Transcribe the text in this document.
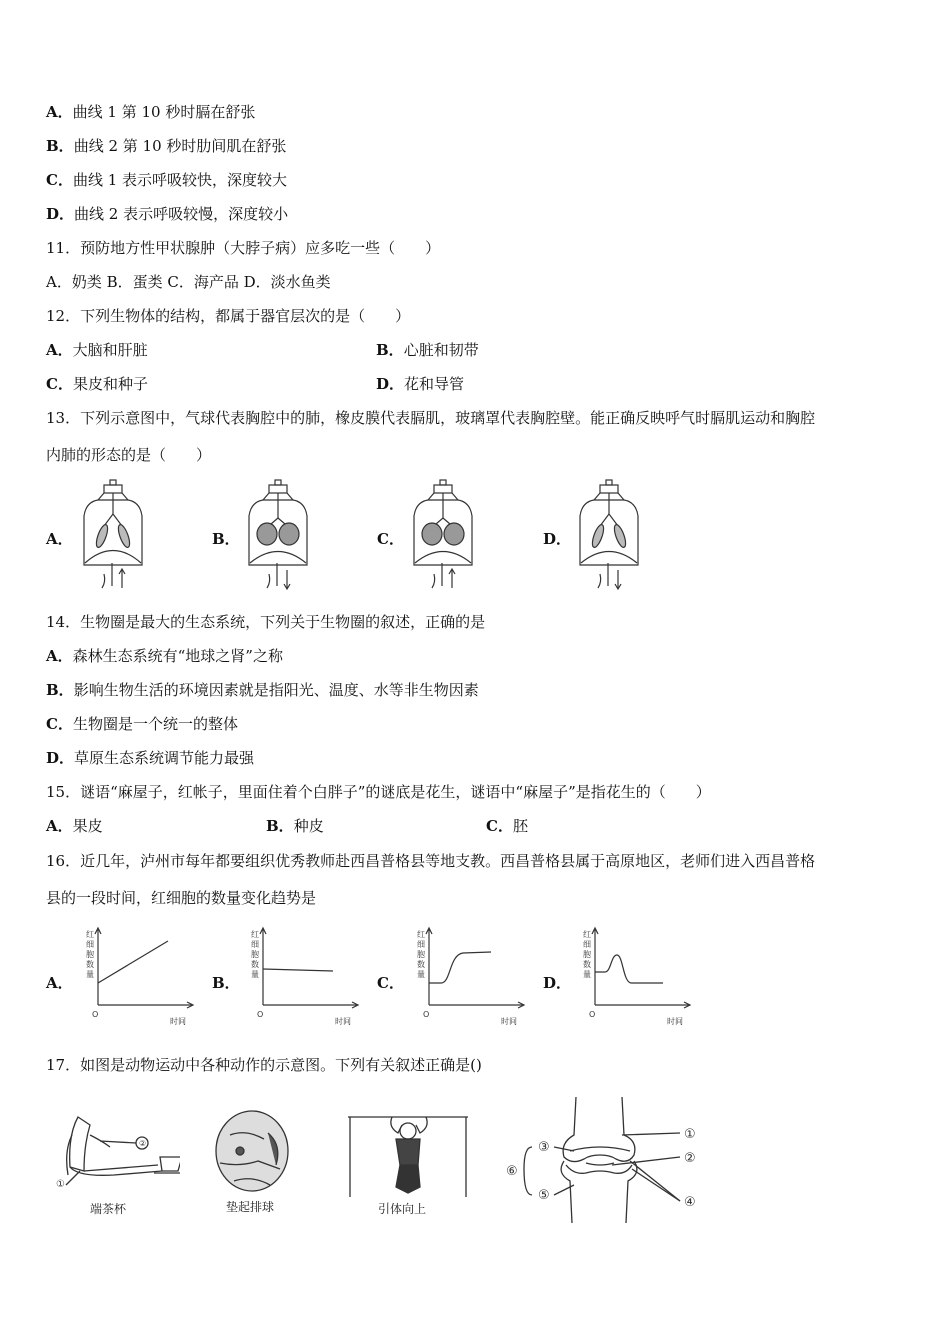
A．曲线 1 第 10 秒时膈在舒张
B．曲线 2 第 10 秒时肋间肌在舒张
C．曲线 1 表示呼吸较快，深度较大
D．曲线 2 表示呼吸较慢，深度较小
11．预防地方性甲状腺肿（大脖子病）应多吃一些（　　）
A．奶类 B．蛋类 C．海产品 D．淡水鱼类
12．下列生物体的结构，都属于器官层次的是（　　）
A．大脑和肝脏	B．心脏和韧带
C．果皮和种子	D．花和导管
13．下列示意图中，气球代表胸腔中的肺，橡皮膜代表膈肌，玻璃罩代表胸腔壁。能正确反映呼气时膈肌运动和胸腔
内肺的形态的是（　　）
A．	B．	C．	D．
14．生物圈是最大的生态系统，下列关于生物圈的叙述，正确的是
A．森林生态系统有“地球之肾”之称
B．影响生物生活的环境因素就是指阳光、温度、水等非生物因素
C．生物圈是一个统一的整体
D．草原生态系统调节能力最强
15．谜语“麻屋子，红帐子，里面住着个白胖子”的谜底是花生，谜语中“麻屋子”是指花生的（　　）
A．果皮	B．种皮	C．胚
16．近几年，泸州市每年都要组织优秀教师赴西昌普格县等地支教。西昌普格县属于高原地区，老师们进入西昌普格
县的一段时间，红细胞的数量变化趋势是
A．	B．	C．	D．
红
细
胞
数
量
O
时间
红
细
胞
数
量
O
时间
红
细
胞
数
量
O
时间
红
细
胞
数
量
O
时间
17．如图是动物运动中各种动作的示意图。下列有关叙述正确是()
②
①
端茶杯	垫起排球	引体向上
①
②
③
④
⑤
⑥
